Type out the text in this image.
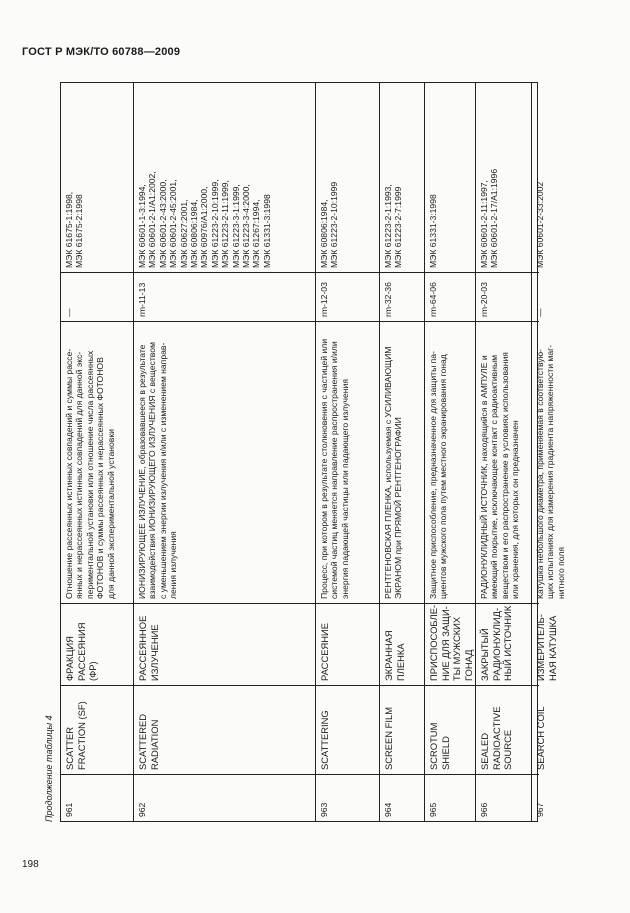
ГОСТ Р МЭК/ТО 60788—2009
Продолжение таблицы 4 961
SCATTER FRACTION (SF)
ФРАКЦИЯ РАССЕЯНИЯ (ФР)
Отношение рассеянных истинных совпадений и суммы рассе- янных и нерассеянных истинных совпадений для данной экс- периментальной установки или отношение числа рассеянных ФОТОНОВ и суммы рассеянных и нерассеянных ФОТОНОВ для данной экспериментальной установки
—
МЭК 61675-1:1998, МЭК 61675-2:1998
962
SCATTERED RADIATION
РАССЕЯННОЕ ИЗЛУЧЕНИЕ
ИОНИЗИРУЮЩЕЕ ИЗЛУЧЕНИЕ, образовавшееся в результате взаимодействия ИОНИЗИРУЮЩЕГО ИЗЛУЧЕНИЯ с веществом с уменьшением энергии излучения и/или с изменением направ- ления излучения
rm-11-13
МЭК 60601-1-3:1994, МЭК 60601-2-1/А1:2002, МЭК 60601-2-43:2000, МЭК 60601-2-45:2001, МЭК 60627:2001, МЭК 60806:1984, МЭК 60976/А1:2000, МЭК 61223-2-10:1999, МЭК 61223-2-11:1999, МЭК 61223-3-1:1999, МЭК 61223-3-4:2000, МЭК 61267:1994, МЭК 61331-3:1998
963
SCATTERING
РАССЕЯНИЕ
Процесс, при котором в результате столкновения с частицей или системой частиц меняется направление распространения и/или энергия падающей частицы или падающего излучения
rm-12-03
МЭК 60806:1984, МЭК 61223-2-10:1999
964
SCREEN FILM
ЭКРАННАЯ ПЛЕНКА
РЕНТГЕНОВСКАЯ ПЛЕНКА, используемая с УСИЛИВАЮЩИМ ЭКРАНОМ при ПРЯМОЙ РЕНТГЕНОГРАФИИ
rm-32-36
МЭК 61223-2-1:1993, МЭК 61223-2-7:1999
965
SCROTUM SHIELD
ПРИСПОСОБЛЕ- НИЕ ДЛЯ ЗАЩИ- ТЫ МУЖСКИХ ГОНАД
Защитное приспособление, предназначенное для защиты па- циентов мужского пола путем местного экранирования гонад
rm-64-06
МЭК 61331-3:1998
966
SEALED RADIOACTIVE SOURCE
ЗАКРЫТЫЙ РАДИОНУКЛИД- НЫЙ ИСТОЧНИК
РАДИОНУКЛИДНЫЙ ИСТОЧНИК, находящийся в АМПУЛЕ и имеющий покрытие, исключающее контакт с радиоактивным веществом и его распространение в условиях использования или хранения, для которых он предназначен
rm-20-03
МЭК 60601-2-11:1997, МЭК 60601-2-17/А1:1996
967
SEARCH COIL
ИЗМЕРИТЕЛЬ- НАЯ КАТУШКА
Катушка небольшого диаметра, применяемая в соответствую- щих испытаниях для измерения градиента напряженности маг- нитного поля
—
МЭК 60601-2-33:2002
198
